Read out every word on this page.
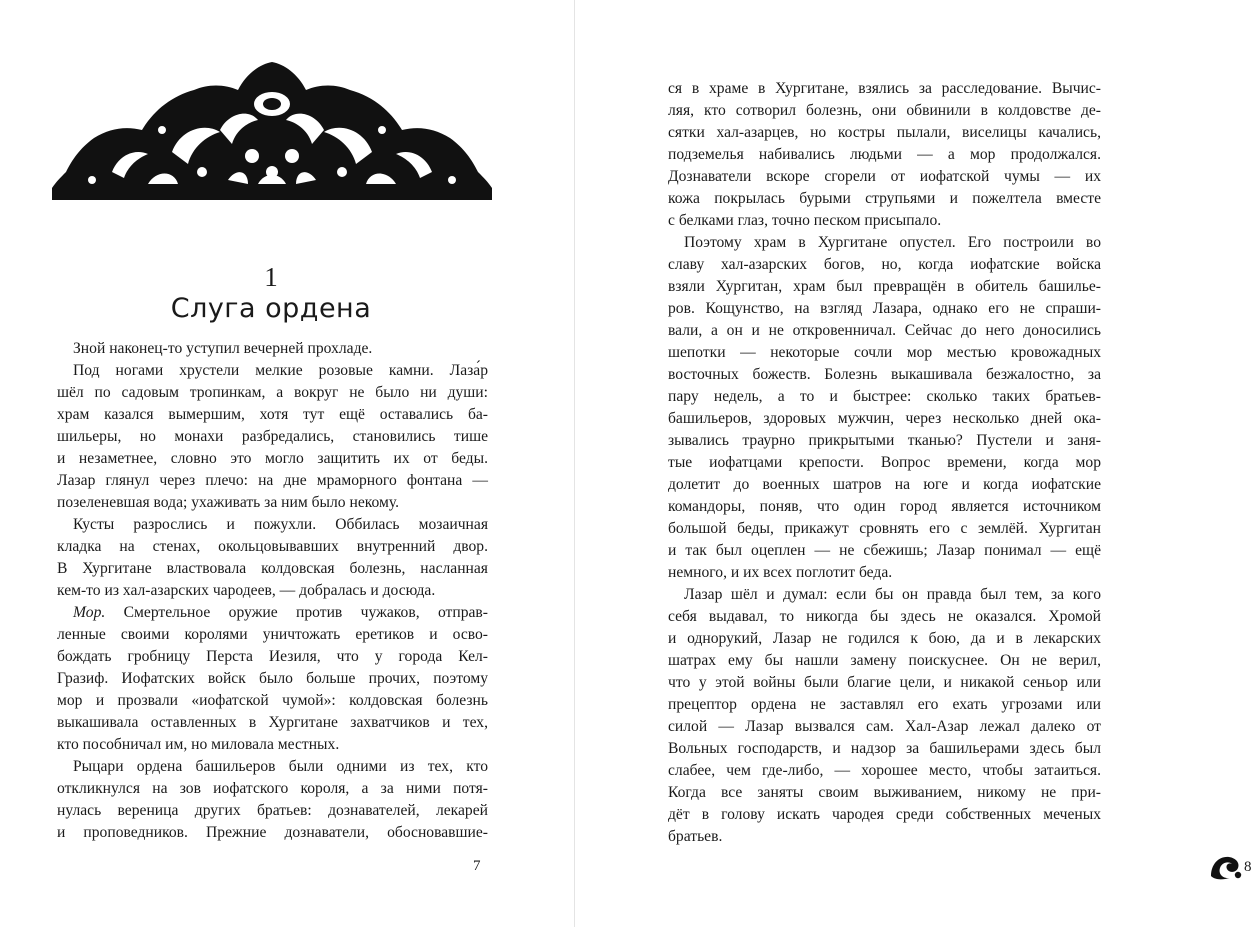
1
Слуга ордена
Зной наконец-то уступил вечерней прохладе.
Под ногами хрустели мелкие розовые камни. Лаза́р
шёл по садовым тропинкам, а вокруг не было ни души:
храм казался вымершим, хотя тут ещё оставались ба-
шильеры, но монахи разбредались, становились тише
и незаметнее, словно это могло защитить их от беды.
Лазар глянул через плечо: на дне мраморного фонтана —
позеленевшая вода; ухаживать за ним было некому.
Кусты разрослись и пожухли. Оббилась мозаичная
кладка на стенах, окольцовывавших внутренний двор.
В Хургитане властвовала колдовская болезнь, насланная
кем-то из хал-азарских чародеев, — добралась и досюда.
Мор. Смертельное оружие против чужаков, отправ-
ленные своими королями уничтожать еретиков и осво-
бождать гробницу Перста Иезиля, что у города Кел-
Гразиф. Иофатских войск было больше прочих, поэтому
мор и прозвали «иофатской чумой»: колдовская болезнь
выкашивала оставленных в Хургитане захватчиков и тех,
кто пособничал им, но миловала местных.
Рыцари ордена башильеров были одними из тех, кто
откликнулся на зов иофатского короля, а за ними потя-
нулась вереница других братьев: дознавателей, лекарей
и проповедников. Прежние дознаватели, обосновавшие-
7
ся в храме в Хургитане, взялись за расследование. Вычис-
ляя, кто сотворил болезнь, они обвинили в колдовстве де-
сятки хал-азарцев, но костры пылали, виселицы качались,
подземелья набивались людьми — а мор продолжался.
Дознаватели вскоре сгорели от иофатской чумы — их
кожа покрылась бурыми струпьями и пожелтела вместе
с белками глаз, точно песком присыпало.
Поэтому храм в Хургитане опустел. Его построили во
славу хал-азарских богов, но, когда иофатские войска
взяли Хургитан, храм был превращён в обитель башилье-
ров. Кощунство, на взгляд Лазара, однако его не спраши-
вали, а он и не откровенничал. Сейчас до него доносились
шепотки — некоторые сочли мор местью кровожадных
восточных божеств. Болезнь выкашивала безжалостно, за
пару недель, а то и быстрее: сколько таких братьев-
башильеров, здоровых мужчин, через несколько дней ока-
зывались траурно прикрытыми тканью? Пустели и заня-
тые иофатцами крепости. Вопрос времени, когда мор
долетит до военных шатров на юге и когда иофатские
командоры, поняв, что один город является источником
большой беды, прикажут сровнять его с землёй. Хургитан
и так был оцеплен — не сбежишь; Лазар понимал — ещё
немного, и их всех поглотит беда.
Лазар шёл и думал: если бы он правда был тем, за кого
себя выдавал, то никогда бы здесь не оказался. Хромой
и однорукий, Лазар не годился к бою, да и в лекарских
шатрах ему бы нашли замену поискуснее. Он не верил,
что у этой войны были благие цели, и никакой сеньор или
прецептор ордена не заставлял его ехать угрозами или
силой — Лазар вызвался сам. Хал-Азар лежал далеко от
Вольных господарств, и надзор за башильерами здесь был
слабее, чем где-либо, — хорошее место, чтобы затаиться.
Когда все заняты своим выживанием, никому не при-
дёт в голову искать чародея среди собственных меченых
братьев.
8
